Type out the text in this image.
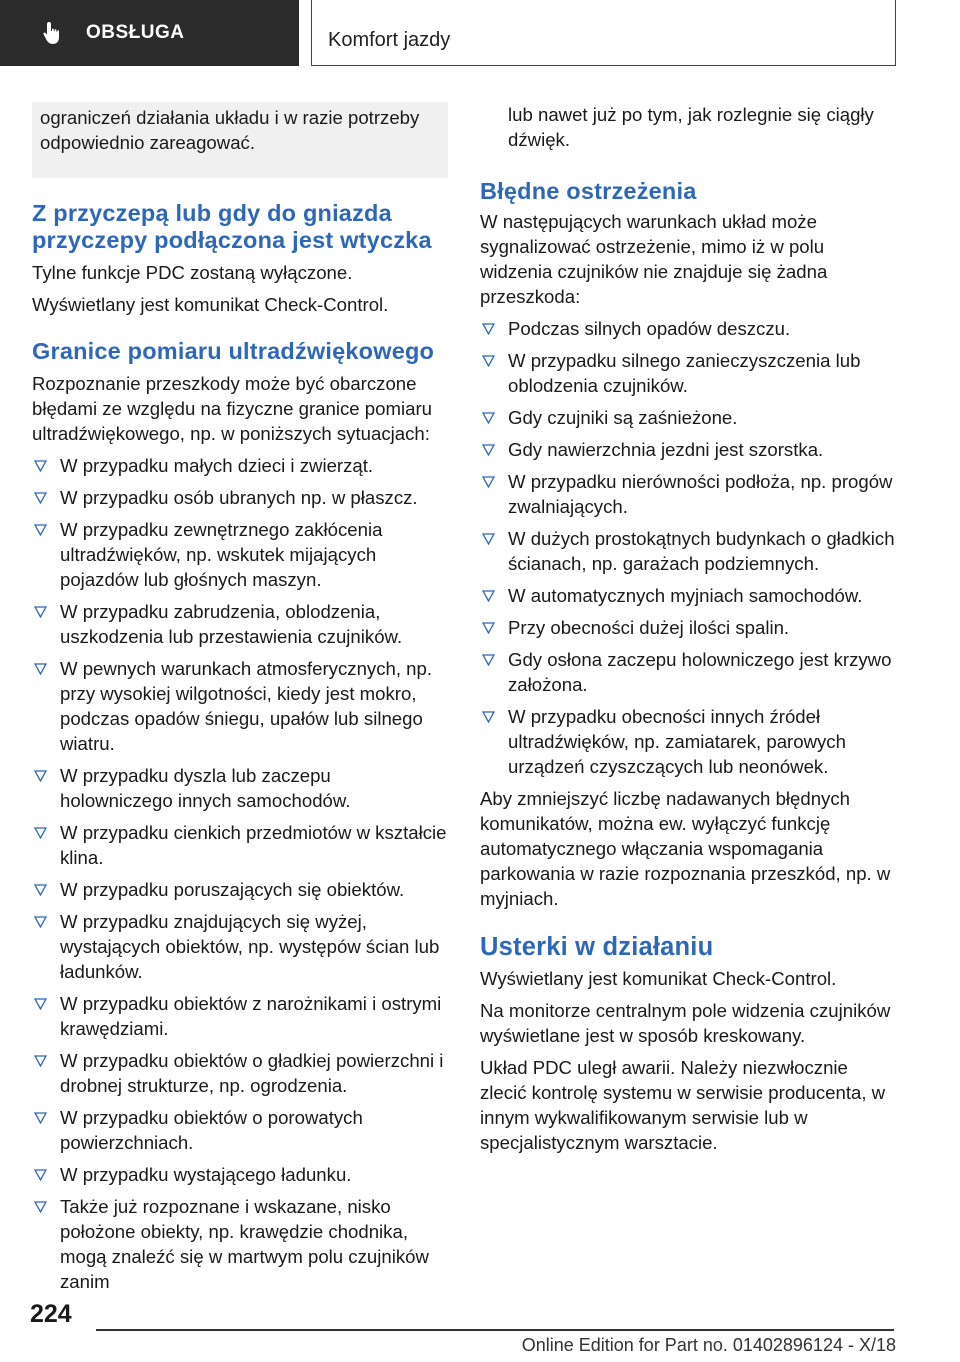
OBSŁUGA	Komfort jazdy

ograniczeń działania układu i w razie potrzeby odpowiednio zareagować.

Z przyczepą lub gdy do gniazda przyczepy podłączona jest wtyczka

Tylne funkcje PDC zostaną wyłączone.

Wyświetlany jest komunikat Check-Control.

Granice pomiaru ultradźwiękowego

Rozpoznanie przeszkody może być obarczone błędami ze względu na fizyczne granice pomiaru ultradźwiękowego, np. w poniższych sytuacjach:

W przypadku małych dzieci i zwierząt.
W przypadku osób ubranych np. w płaszcz.
W przypadku zewnętrznego zakłócenia ultradźwięków, np. wskutek mijających pojazdów lub głośnych maszyn.
W przypadku zabrudzenia, oblodzenia, uszkodzenia lub przestawienia czujników.
W pewnych warunkach atmosferycznych, np. przy wysokiej wilgotności, kiedy jest mokro, podczas opadów śniegu, upałów lub silnego wiatru.
W przypadku dyszla lub zaczepu holowniczego innych samochodów.
W przypadku cienkich przedmiotów w kształcie klina.
W przypadku poruszających się obiektów.
W przypadku znajdujących się wyżej, wystających obiektów, np. występów ścian lub ładunków.
W przypadku obiektów z narożnikami i ostrymi krawędziami.
W przypadku obiektów o gładkiej powierzchni i drobnej strukturze, np. ogrodzenia.
W przypadku obiektów o porowatych powierzchniach.
W przypadku wystającego ładunku.
Także już rozpoznane i wskazane, nisko położone obiekty, np. krawędzie chodnika, mogą znaleźć się w martwym polu czujników zanim
lub nawet już po tym, jak rozlegnie się ciągły dźwięk.
Błędne ostrzeżenia

W następujących warunkach układ może sygnalizować ostrzeżenie, mimo iż w polu widzenia czujników nie znajduje się żadna przeszkoda:

Podczas silnych opadów deszczu.
W przypadku silnego zanieczyszczenia lub oblodzenia czujników.
Gdy czujniki są zaśnieżone.
Gdy nawierzchnia jezdni jest szorstka.
W przypadku nierówności podłoża, np. progów zwalniających.
W dużych prostokątnych budynkach o gładkich ścianach, np. garażach podziemnych.
W automatycznych myjniach samochodów.
Przy obecności dużej ilości spalin.
Gdy osłona zaczepu holowniczego jest krzywo założona.
W przypadku obecności innych źródeł ultradźwięków, np. zamiatarek, parowych urządzeń czyszczących lub neonówek.

Aby zmniejszyć liczbę nadawanych błędnych komunikatów, można ew. wyłączyć funkcję automatycznego włączania wspomagania parkowania w razie rozpoznania przeszkód, np. w myjniach.

Usterki w działaniu

Wyświetlany jest komunikat Check-Control.

Na monitorze centralnym pole widzenia czujników wyświetlane jest w sposób kreskowany.

Układ PDC uległ awarii. Należy niezwłocznie zlecić kontrolę systemu w serwisie producenta, w innym wykwalifikowanym serwisie lub w specjalistycznym warsztacie.

224
Online Edition for Part no. 01402896124 - X/18
